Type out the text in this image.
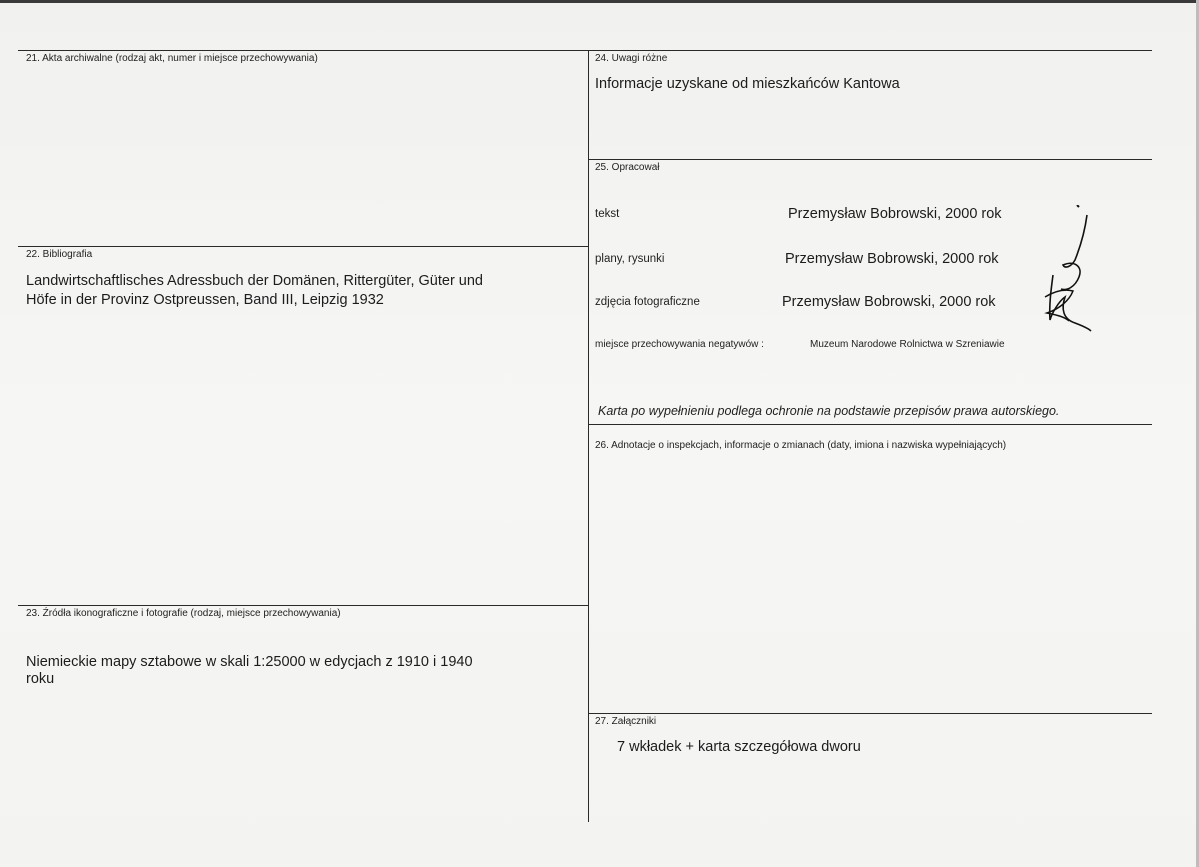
21. Akta archiwalne (rodzaj akt, numer i miejsce przechowywania)
22. Bibliografia
Landwirtschaftlisches Adressbuch der Domänen, Rittergüter, Güter und
Höfe in der Provinz Ostpreussen, Band III, Leipzig 1932
23. Źródła ikonograficzne i fotografie (rodzaj, miejsce przechowywania)
Niemieckie mapy sztabowe w skali 1:25000 w edycjach z 1910 i 1940
roku
24. Uwagi różne
Informacje uzyskane od mieszkańców Kantowa
25. Opracował
tekst	Przemysław Bobrowski, 2000 rok
plany, rysunki	Przemysław Bobrowski, 2000 rok
zdjęcia fotograficzne	Przemysław Bobrowski, 2000 rok
miejsce przechowywania negatywów :	Muzeum Narodowe Rolnictwa w Szreniawie
Karta po wypełnieniu podlega ochronie na podstawie przepisów prawa autorskiego.
26. Adnotacje o inspekcjach, informacje o zmianach (daty, imiona i nazwiska wypełniających)
27. Załączniki
7 wkładek + karta szczegółowa dworu
